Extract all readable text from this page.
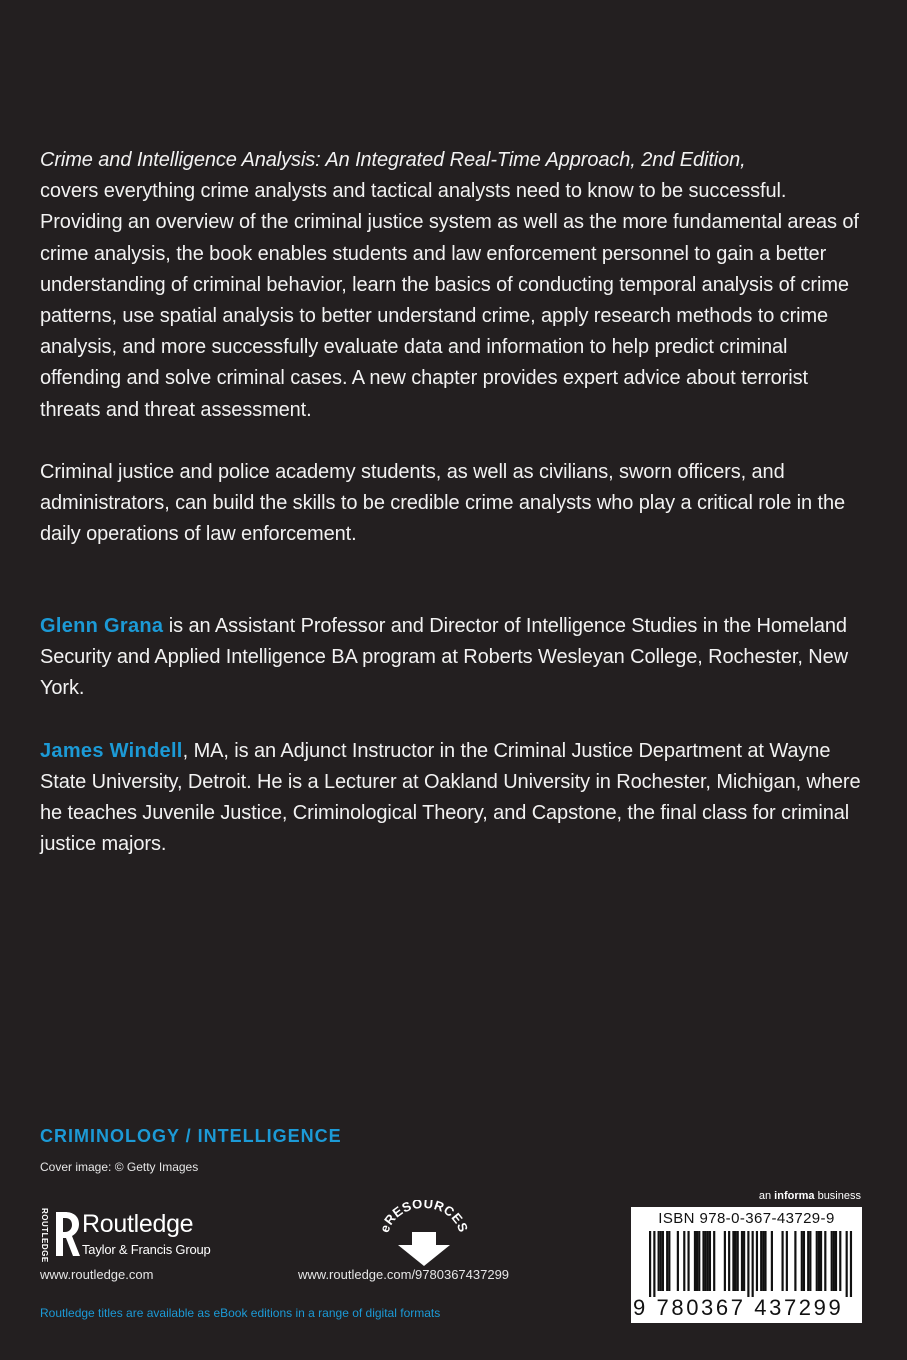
Crime and Intelligence Analysis: An Integrated Real-Time Approach, 2nd Edition,
covers everything crime analysts and tactical analysts need to know to be successful. Providing an overview of the criminal justice system as well as the more fundamental areas of crime analysis, the book enables students and law enforcement personnel to gain a better understanding of criminal behavior, learn the basics of conducting temporal analysis of crime patterns, use spatial analysis to better understand crime, apply research methods to crime analysis, and more successfully evaluate data and information to help predict criminal offending and solve criminal cases. A new chapter provides expert advice about terrorist threats and threat assessment.

Criminal justice and police academy students, as well as civilians, sworn officers, and administrators, can build the skills to be credible crime analysts who play a critical role in the daily operations of law enforcement.

Glenn Grana is an Assistant Professor and Director of Intelligence Studies in the Homeland Security and Applied Intelligence BA program at Roberts Wesleyan College, Rochester, New York.

James Windell, MA, is an Adjunct Instructor in the Criminal Justice Department at Wayne State University, Detroit. He is a Lecturer at Oakland University in Rochester, Michigan, where he teaches Juvenile Justice, Criminological Theory, and Capstone, the final class for criminal justice majors.

CRIMINOLOGY / INTELLIGENCE
Cover image: © Getty Images
ROUTLEDGE Routledge
Taylor & Francis Group
www.routledge.com
eRESOURCES
www.routledge.com/9780367437299
Routledge titles are available as eBook editions in a range of digital formats
an informa business
ISBN 978-0-367-43729-9
9 780367 437299
